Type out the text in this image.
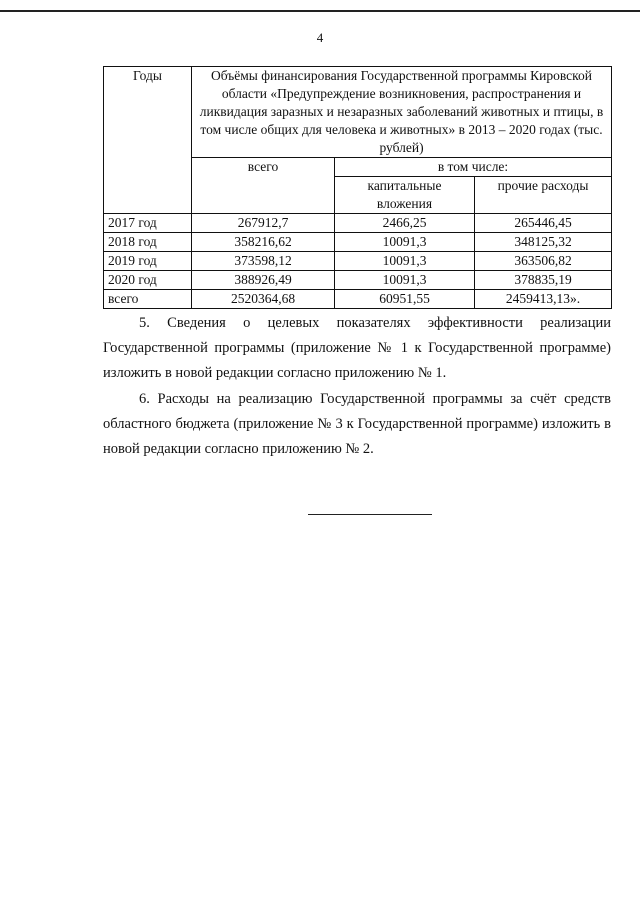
4
Годы	Объёмы финансирования Государственной программы Кировской области «Предупреждение возникновения, распространения и ликвидация заразных и незаразных заболеваний животных и птицы, в том числе общих для человека и животных» в 2013 – 2020 годах (тыс. рублей)		
	всего	в том числе:	
		капитальные вложения	прочие расходы
2017 год	267912,7	2466,25	265446,45
2018 год	358216,62	10091,3	348125,32
2019 год	373598,12	10091,3	363506,82
2020 год	388926,49	10091,3	378835,19
всего	2520364,68	60951,55	2459413,13».

5. Сведения о целевых показателях эффективности реализации Государственной программы (приложение № 1 к Государственной программе) изложить в новой редакции согласно приложению № 1.

6. Расходы на реализацию Государственной программы за счёт средств областного бюджета (приложение № 3 к Государственной программе) изложить в новой редакции согласно приложению № 2.
